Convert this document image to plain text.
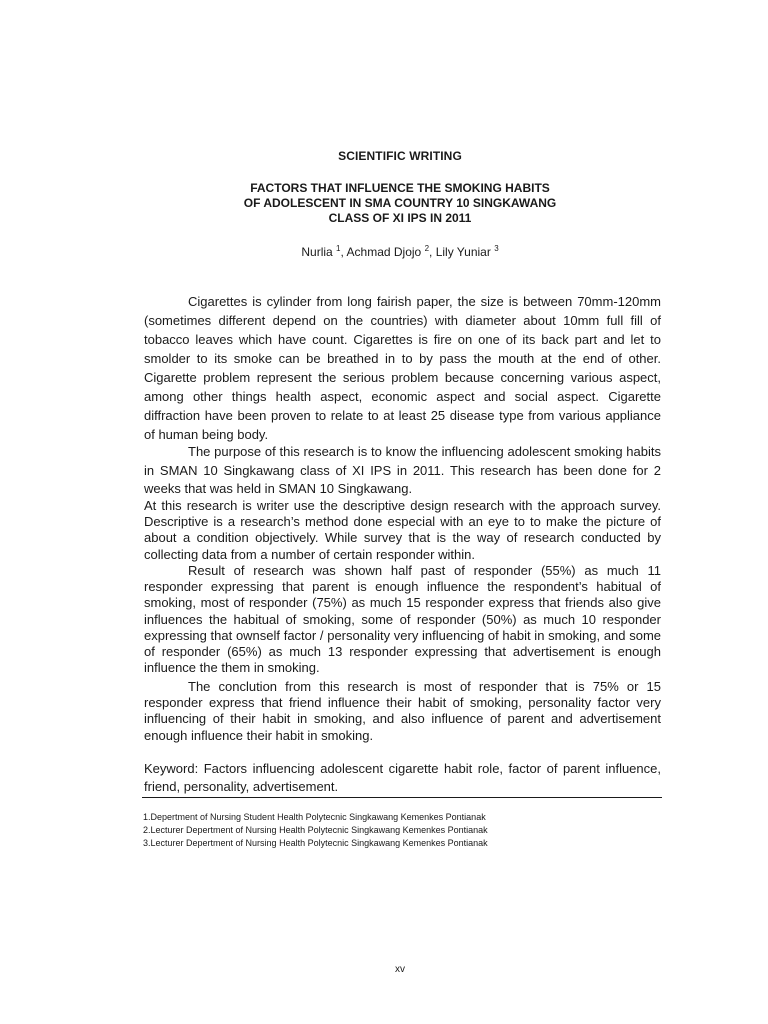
SCIENTIFIC WRITING
FACTORS THAT INFLUENCE THE SMOKING HABITS
OF ADOLESCENT IN SMA COUNTRY 10 SINGKAWANG
CLASS OF XI IPS IN 2011
Nurlia $^1$, Achmad Djojo $^2$, Lily Yuniar $^3$

Cigarettes is cylinder from long fairish paper, the size is between 70mm-120mm (sometimes different depend on the countries) with diameter about 10mm full fill of tobacco leaves which have count. Cigarettes is fire on one of its back part and let to smolder to its smoke can be breathed in to by pass the mouth at the end of other. Cigarette problem represent the serious problem because concerning various aspect, among other things health aspect, economic aspect and social aspect. Cigarette diffraction have been proven to relate to at least 25 disease type from various appliance of human being body.

The purpose of this research is to know the influencing adolescent smoking habits in SMAN 10 Singkawang class of XI IPS in 2011. This research has been done for 2 weeks that was held in SMAN 10 Singkawang.

At this research is writer use the descriptive design research with the approach survey. Descriptive is a research’s method done especial with an eye to to make the picture of about a condition objectively. While survey that is the way of research conducted by collecting data from a number of certain responder within.

Result of research was shown half past of responder (55%) as much 11 responder expressing that parent is enough influence the respondent’s habitual of smoking, most of responder (75%) as much 15 responder express that friends also give influences the habitual of smoking, some of responder (50%) as much 10 responder expressing that ownself factor / personality very influencing of habit in smoking, and some of responder (65%) as much 13 responder expressing that advertisement is enough influence the them in smoking.

The conclution from this research is most of responder that is 75% or 15 responder express that friend influence their habit of smoking, personality factor very influencing of their habit in smoking, and also influence of parent and advertisement enough influence their habit in smoking.

Keyword: Factors influencing adolescent cigarette habit role, factor of parent influence, friend, personality, advertisement.

1.Depertment of Nursing Student Health Polytecnic Singkawang Kemenkes Pontianak
2.Lecturer Depertment of Nursing Health Polytecnic Singkawang Kemenkes Pontianak
3.Lecturer Depertment of Nursing Health Polytecnic Singkawang Kemenkes Pontianak
xv
